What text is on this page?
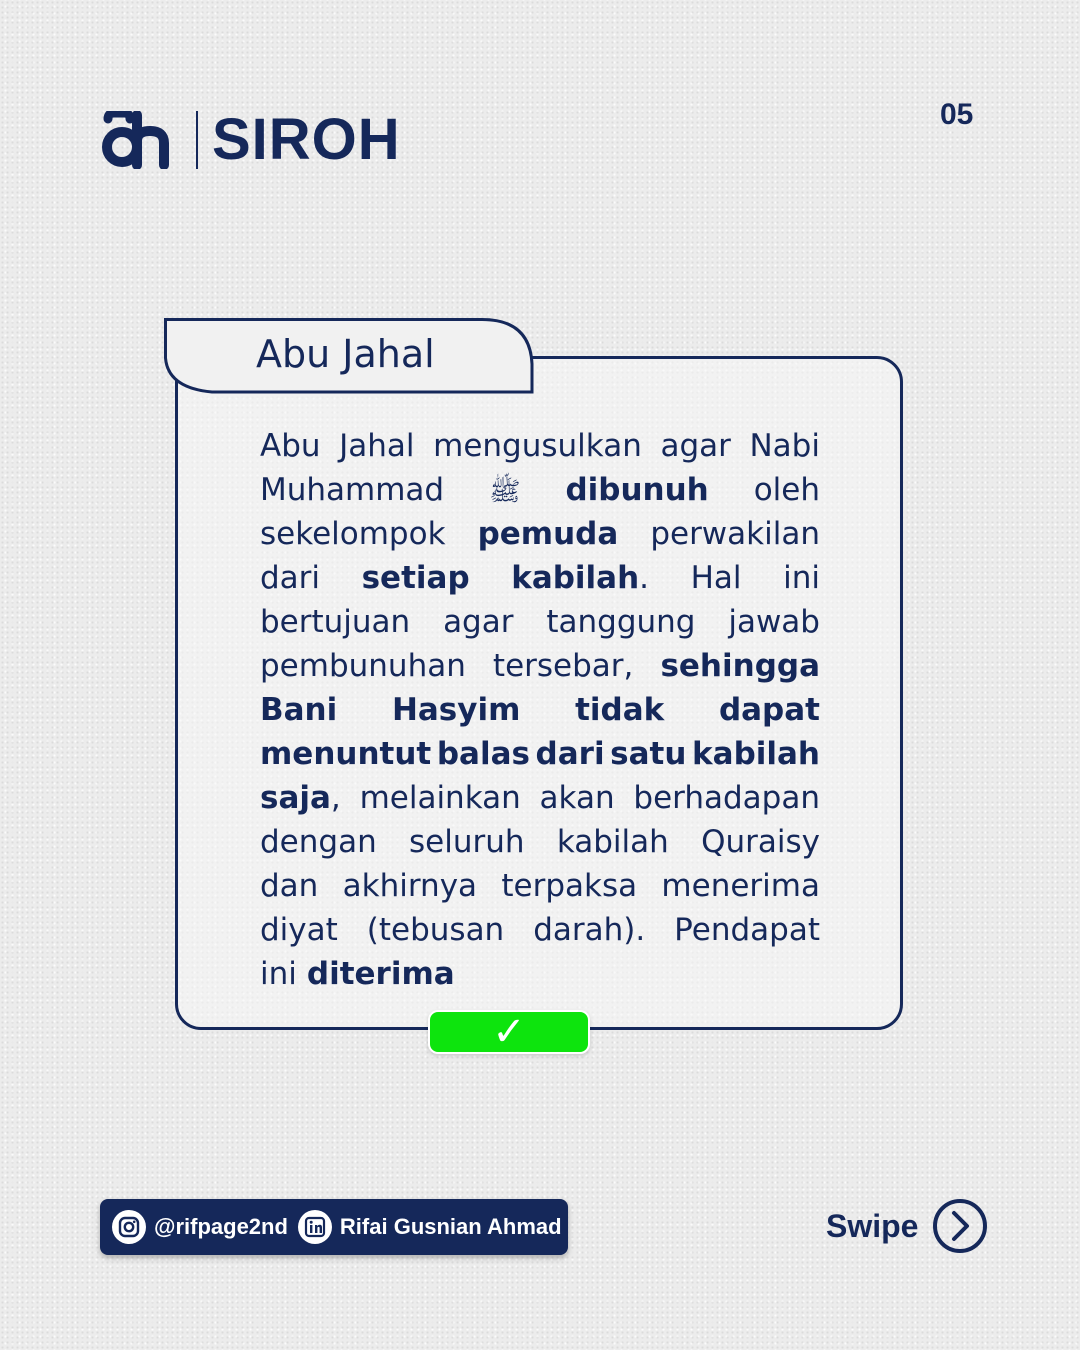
SIROH	05
Abu Jahal
Abu Jahal mengusulkan agar Nabi
Muhammad ﷺ dibunuh oleh
sekelompok pemuda perwakilan
dari setiap kabilah. Hal ini
bertujuan agar tanggung jawab
pembunuhan tersebar, sehingga
Bani Hasyim tidak dapat
menuntut balas dari satu kabilah
saja, melainkan akan berhadapan
dengan seluruh kabilah Quraisy
dan akhirnya terpaksa menerima
diyat (tebusan darah). Pendapat
ini diterima
✓
@rifpage2nd Rifai Gusnian Ahmad	Swipe
